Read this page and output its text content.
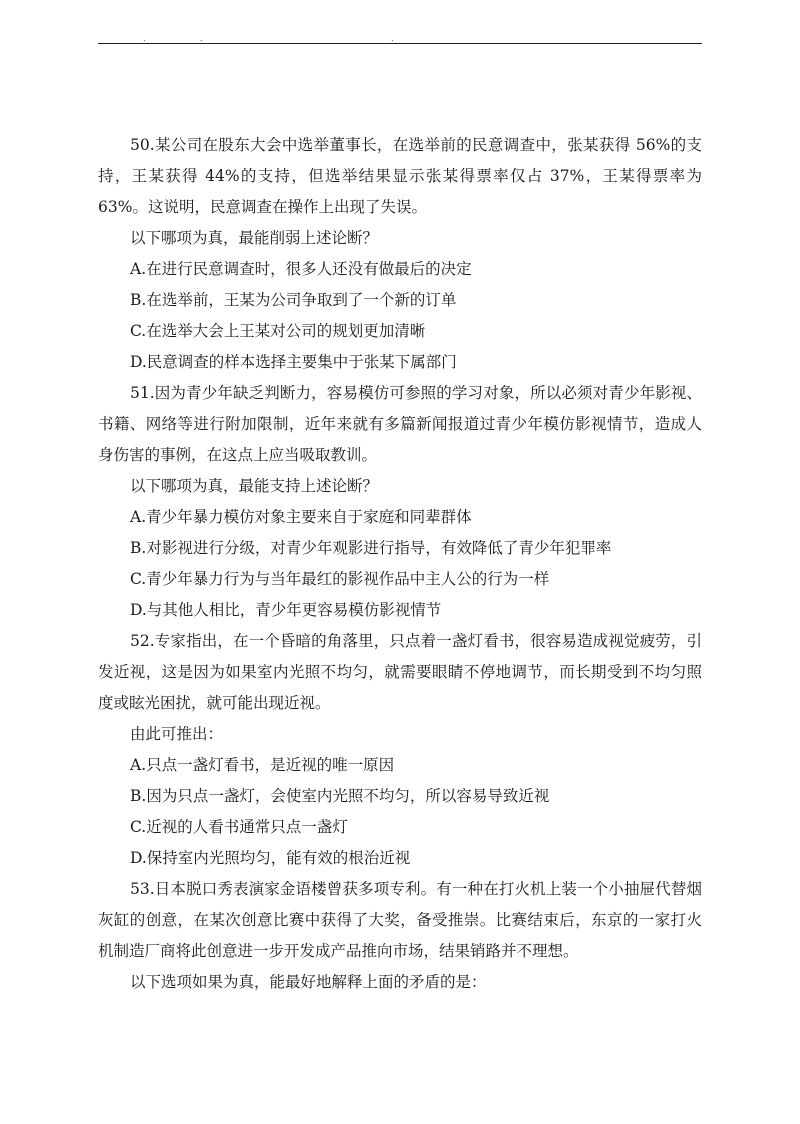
.	.	.

50.某公司在股东大会中选举董事长，在选举前的民意调查中，张某获得 56%的支持，王某获得 44%的支持，但选举结果显示张某得票率仅占 37%，王某得票率为 63%。这说明，民意调查在操作上出现了失误。

以下哪项为真，最能削弱上述论断？

A.在进行民意调查时，很多人还没有做最后的决定

B.在选举前，王某为公司争取到了一个新的订单

C.在选举大会上王某对公司的规划更加清晰

D.民意调查的样本选择主要集中于张某下属部门

51.因为青少年缺乏判断力，容易模仿可参照的学习对象，所以必须对青少年影视、书籍、网络等进行附加限制，近年来就有多篇新闻报道过青少年模仿影视情节，造成人身伤害的事例，在这点上应当吸取教训。

以下哪项为真，最能支持上述论断？

A.青少年暴力模仿对象主要来自于家庭和同辈群体

B.对影视进行分级，对青少年观影进行指导，有效降低了青少年犯罪率

C.青少年暴力行为与当年最红的影视作品中主人公的行为一样

D.与其他人相比，青少年更容易模仿影视情节

52.专家指出，在一个昏暗的角落里，只点着一盏灯看书，很容易造成视觉疲劳，引发近视，这是因为如果室内光照不均匀，就需要眼睛不停地调节，而长期受到不均匀照度或眩光困扰，就可能出现近视。

由此可推出：

A.只点一盏灯看书，是近视的唯一原因

B.因为只点一盏灯，会使室内光照不均匀，所以容易导致近视

C.近视的人看书通常只点一盏灯

D.保持室内光照均匀，能有效的根治近视

53.日本脱口秀表演家金语楼曾获多项专利。有一种在打火机上装一个小抽屉代替烟灰缸的创意，在某次创意比赛中获得了大奖，备受推崇。比赛结束后，东京的一家打火机制造厂商将此创意进一步开发成产品推向市场，结果销路并不理想。

以下选项如果为真，能最好地解释上面的矛盾的是：
